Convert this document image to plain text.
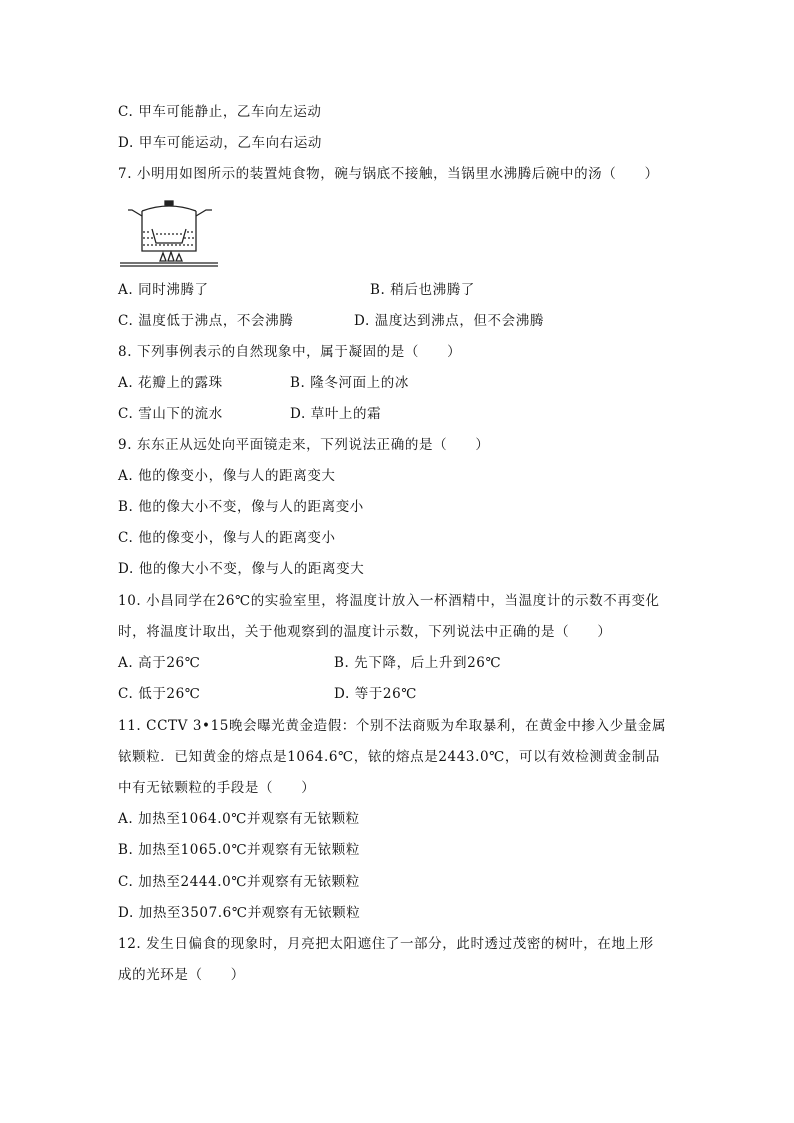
C. 甲车可能静止，乙车向左运动
D. 甲车可能运动，乙车向右运动
7. 小明用如图所示的装置炖食物，碗与锅底不接触，当锅里水沸腾后碗中的汤（　　）
A. 同时沸腾了	B. 稍后也沸腾了
C. 温度低于沸点，不会沸腾	D. 温度达到沸点，但不会沸腾
8. 下列事例表示的自然现象中，属于凝固的是（　　）
A. 花瓣上的露珠	B. 隆冬河面上的冰
C. 雪山下的流水	D. 草叶上的霜
9. 东东正从远处向平面镜走来，下列说法正确的是（　　）
A. 他的像变小，像与人的距离变大
B. 他的像大小不变，像与人的距离变小
C. 他的像变小，像与人的距离变小
D. 他的像大小不变，像与人的距离变大
10. 小昌同学在26℃的实验室里，将温度计放入一杯酒精中，当温度计的示数不再变化
时，将温度计取出，关于他观察到的温度计示数，下列说法中正确的是（　　）
A. 高于26℃	B. 先下降，后上升到26℃
C. 低于26℃	D. 等于26℃
11. CCTV 3•15晚会曝光黄金造假：个别不法商贩为牟取暴利，在黄金中掺入少量金属
铱颗粒．已知黄金的熔点是1064.6℃，铱的熔点是2443.0℃，可以有效检测黄金制品
中有无铱颗粒的手段是（　　）
A. 加热至1064.0℃并观察有无铱颗粒
B. 加热至1065.0℃并观察有无铱颗粒
C. 加热至2444.0℃并观察有无铱颗粒
D. 加热至3507.6℃并观察有无铱颗粒
12. 发生日偏食的现象时，月亮把太阳遮住了一部分，此时透过茂密的树叶，在地上形
成的光环是（　　）
